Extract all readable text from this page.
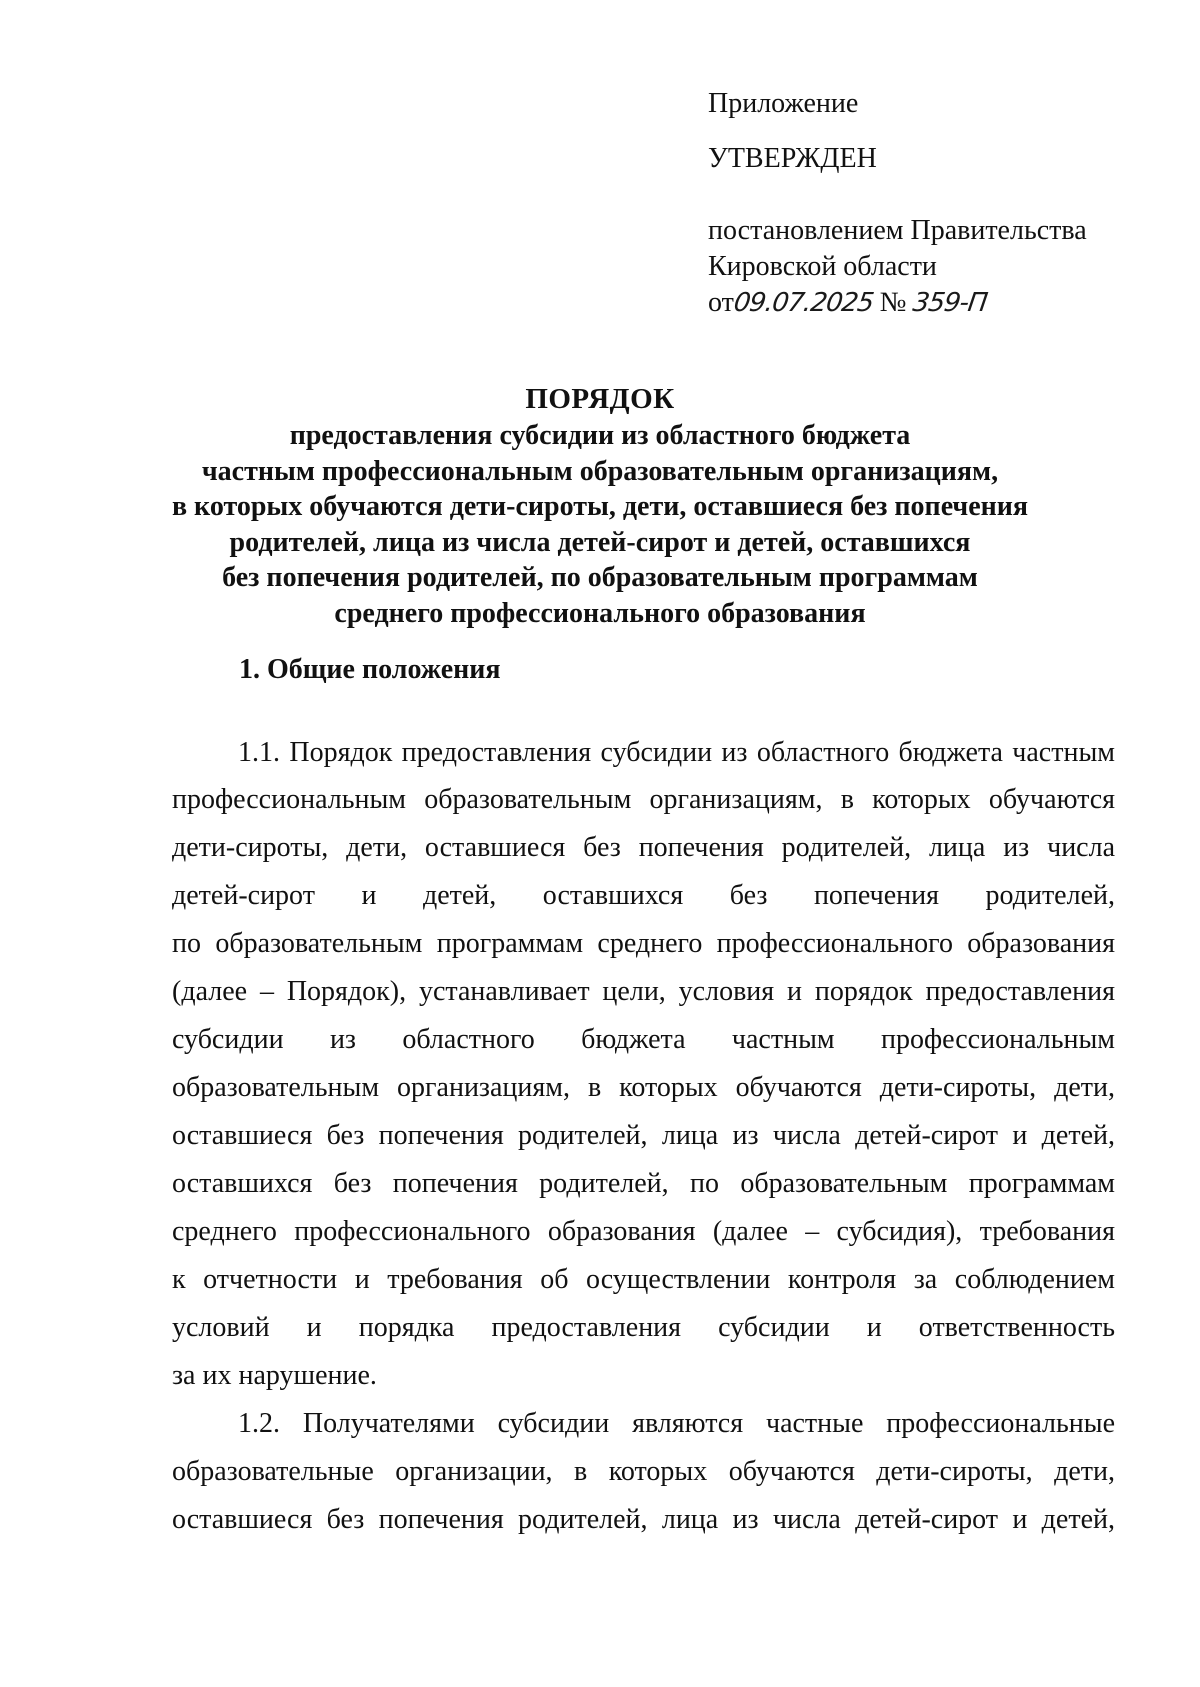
Приложение
УТВЕРЖДЕН
постановлением Правительства
Кировской области
от09.07.2025 № 359-П
ПОРЯДОК
предоставления субсидии из областного бюджета
частным профессиональным образовательным организациям,
в которых обучаются дети-сироты, дети, оставшиеся без попечения
родителей, лица из числа детей-сирот и детей, оставшихся
без попечения родителей, по образовательным программам
среднего профессионального образования
1. Общие положения
1.1. Порядок предоставления субсидии из областного бюджета частным
профессиональным образовательным организациям, в которых обучаются
дети-сироты, дети, оставшиеся без попечения родителей, лица из числа
детей-сирот и детей, оставшихся без попечения родителей,
по образовательным программам среднего профессионального образования
(далее – Порядок), устанавливает цели, условия и порядок предоставления
субсидии из областного бюджета частным профессиональным
образовательным организациям, в которых обучаются дети-сироты, дети,
оставшиеся без попечения родителей, лица из числа детей-сирот и детей,
оставшихся без попечения родителей, по образовательным программам
среднего профессионального образования (далее – субсидия), требования
к отчетности и требования об осуществлении контроля за соблюдением
условий и порядка предоставления субсидии и ответственность
за их нарушение.
1.2. Получателями субсидии являются частные профессиональные
образовательные организации, в которых обучаются дети-сироты, дети,
оставшиеся без попечения родителей, лица из числа детей-сирот и детей,
